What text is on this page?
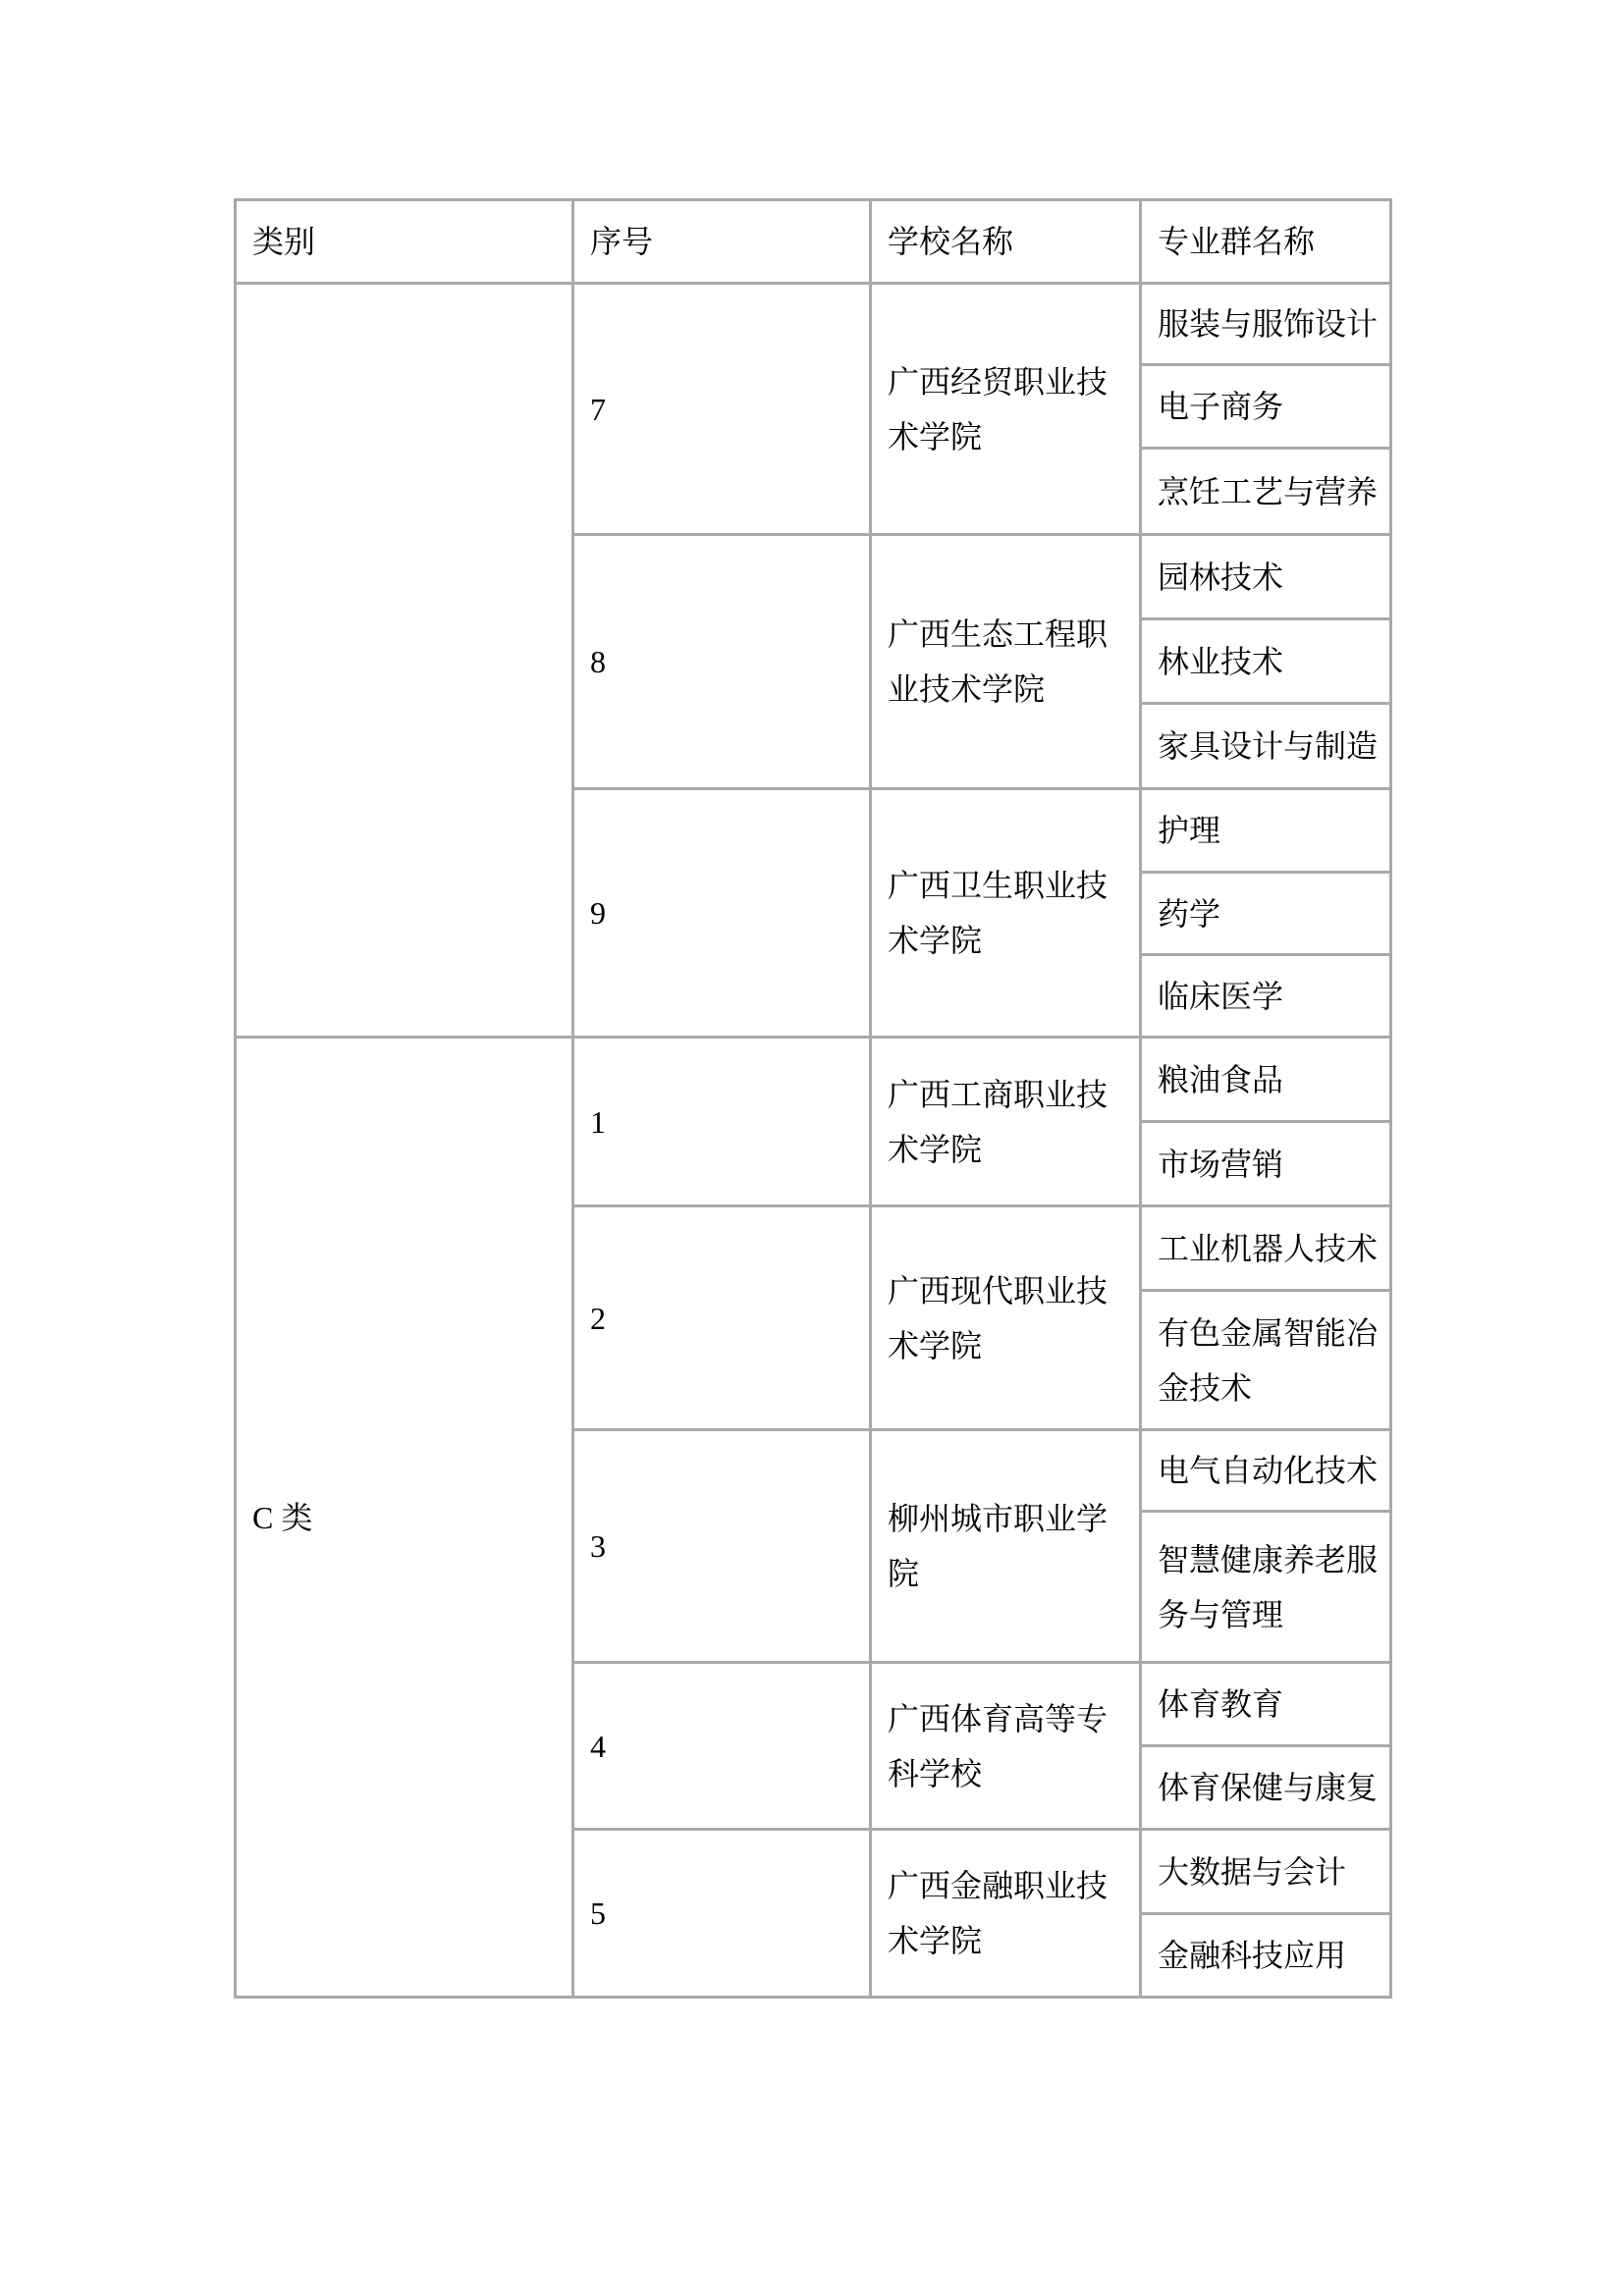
类别	序号	学校名称	专业群名称
	7	广西经贸职业技术学院	服装与服饰设计
			电子商务
			烹饪工艺与营养
	8	广西生态工程职业技术学院	园林技术
			林业技术
			家具设计与制造
	9	广西卫生职业技术学院	护理
			药学
			临床医学
C 类	1	广西工商职业技术学院	粮油食品
			市场营销
	2	广西现代职业技术学院	工业机器人技术
			有色金属智能冶金技术
	3	柳州城市职业学院	电气自动化技术
			智慧健康养老服务与管理
	4	广西体育高等专科学校	体育教育
			体育保健与康复
	5	广西金融职业技术学院	大数据与会计
			金融科技应用
